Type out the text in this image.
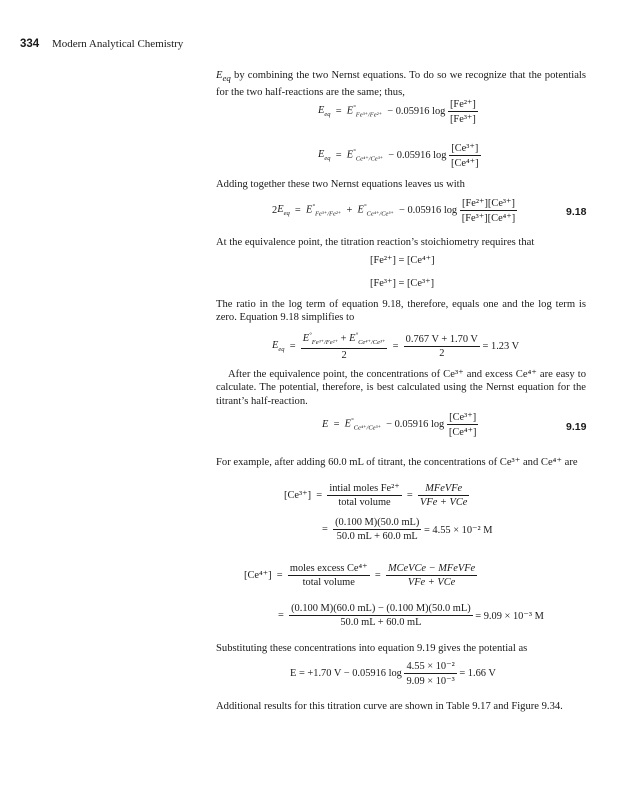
334 Modern Analytical Chemistry

$E_{eq}$ by combining the two Nernst equations. To do so we recognize that the potentials for the two half-reactions are the same; thus,

$E_{eq} = E^\circ_{Fe^{3+}/Fe^{2+}} - 0.05916$ $\log \frac{\text{[Fe²⁺]}}{\text{[Fe³⁺]}}$
$E_{eq} = E^\circ_{Ce^{4+}/Ce^{3+}} - 0.05916$ $\log \frac{\text{[Ce³⁺]}}{\text{[Ce⁴⁺]}}$

Adding together these two Nernst equations leaves us with

$2E_{eq} = E^\circ_{Fe^{3+}/Fe^{2+}} + E^\circ_{Ce^{4+}/Ce^{3+}} - 0.05916$ $\log \frac{\text{[Fe²⁺][Ce³⁺]}}{\text{[Fe³⁺][Ce⁴⁺]}}$	9.18

At the equivalence point, the titration reaction’s stoichiometry requires that

[Fe²⁺] = [Ce⁴⁺]
[Fe³⁺] = [Ce³⁺]

The ratio in the log term of equation 9.18, therefore, equals one and the log term is zero. Equation 9.18 simplifies to

$E_{eq} = \frac{E^\circ_{Fe^{3+}/Fe^{2+}} + E^\circ_{Ce^{4+}/Ce^{3+}}}{2} = \frac{0.767 V + 1.70 V}{2} = 1.23$ V

After the equivalence point, the concentrations of Ce³⁺ and excess Ce⁴⁺ are easy to calculate. The potential, therefore, is best calculated using the Nernst equation for the titrant’s half-reaction.

$E = E^\circ_{Ce^{4+}/Ce^{3+}} - 0.05916$ $\log \frac{\text{[Ce³⁺]}}{\text{[Ce⁴⁺]}}$	9.19

For example, after adding 60.0 mL of titrant, the concentrations of Ce³⁺ and Ce⁴⁺ are

$[Ce^{3+}] = \frac{\text{intial moles Fe²⁺}}{\text{total volume}} = \frac{\text{MFeVFe}}{\text{VFe + VCe}}$
= $\frac{(0.100 M)(50.0 mL)}{50.0 mL + 60.0 mL} = 4.55 \times 10^{-2}$ M
$[Ce^{4+}] = \frac{\text{moles excess Ce⁴⁺}}{\text{total volume}} = \frac{\text{MCeVCe − MFeVFe}}{\text{VFe + VCe}}$
= $\frac{(0.100 M)(60.0 mL) - (0.100 M)(50.0 mL)}{50.0 mL + 60.0 mL} = 9.09 \times 10^{-3}$ M

Substituting these concentrations into equation 9.19 gives the potential as

E = +1.70 V − 0.05916 $\log \frac{\text{4.55 × 10⁻²}}{\text{9.09 × 10⁻³}} = 1.66$ V

Additional results for this titration curve are shown in Table 9.17 and Figure 9.34.
